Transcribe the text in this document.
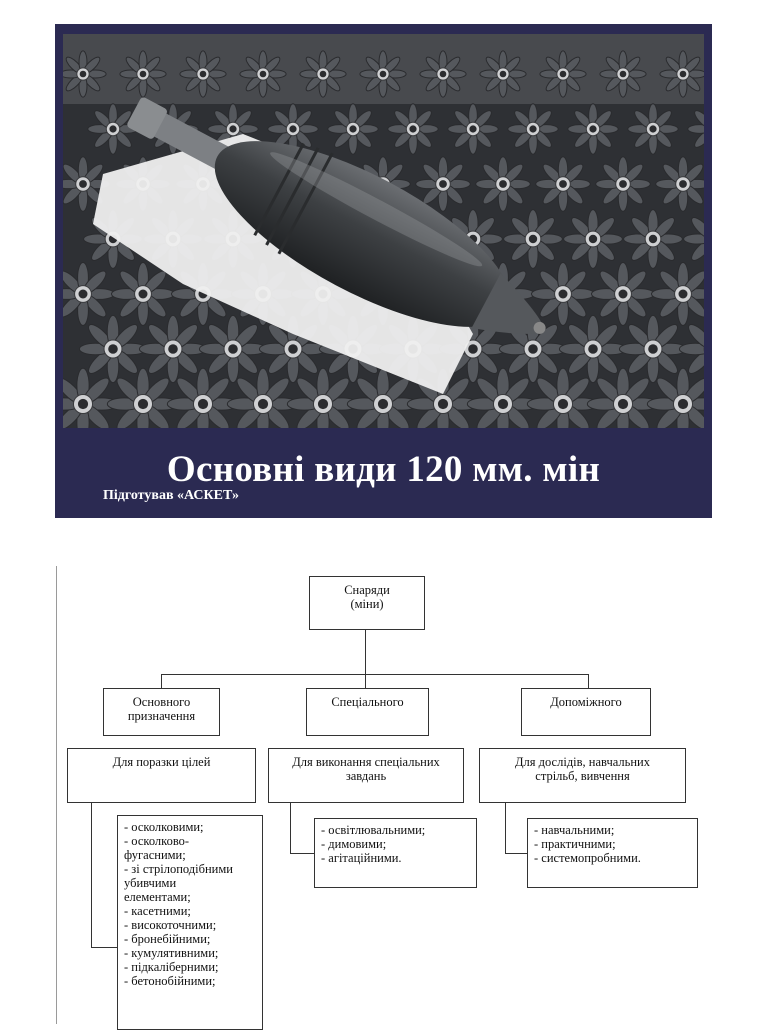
Основні види 120 мм. мін
Підготував «АСКЕТ»
Снаряди
(міни)
Основного
призначення
Спеціального	Допоміжного
Для поразки цілей	Для виконання спеціальних
завдань
Для дослідів, навчальних
стрільб, вивчення
- осколковими;
- осколково-
фугасними;
- зі стрілоподібними
убивчими
елементами;
- касетними;
- високоточними;
- бронебійними;
- кумулятивними;
- підкаліберними;
- бетонобійними;
- освітлювальними;
- димовими;
- агітаційними.
- навчальними;
- практичними;
- системопробними.
